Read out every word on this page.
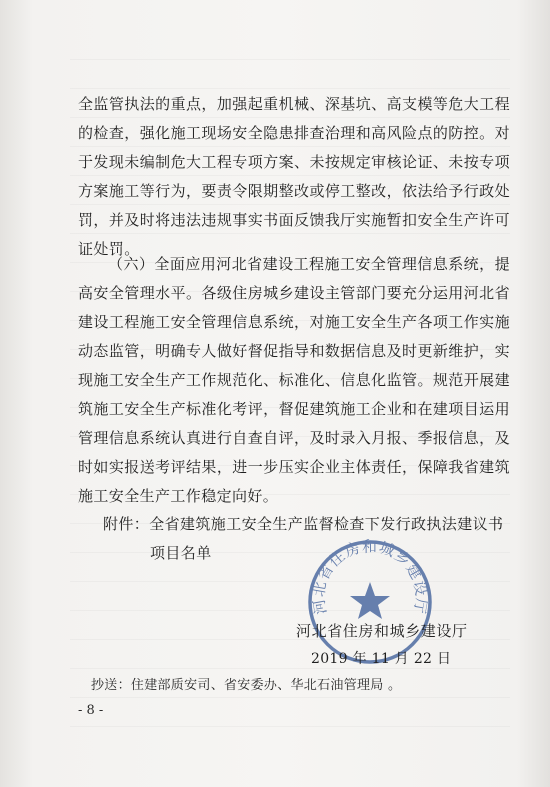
全监管执法的重点，加强起重机械、深基坑、高支模等危大工程
的检查，强化施工现场安全隐患排查治理和高风险点的防控。对
于发现未编制危大工程专项方案、未按规定审核论证、未按专项
方案施工等行为，要责令限期整改或停工整改，依法给予行政处
罚，并及时将违法违规事实书面反馈我厅实施暂扣安全生产许可
证处罚。
（六）全面应用河北省建设工程施工安全管理信息系统，提
高安全管理水平。各级住房城乡建设主管部门要充分运用河北省
建设工程施工安全管理信息系统，对施工安全生产各项工作实施
动态监管，明确专人做好督促指导和数据信息及时更新维护，实
现施工安全生产工作规范化、标准化、信息化监管。规范开展建
筑施工安全生产标准化考评，督促建筑施工企业和在建项目运用
管理信息系统认真进行自查自评，及时录入月报、季报信息，及
时如实报送考评结果，进一步压实企业主体责任，保障我省建筑
施工安全生产工作稳定向好。
附件：全省建筑施工安全生产监督检查下发行政执法建议书
项目名单
河北省住房和城乡建设厅
河北省住房和城乡建设厅
2019 年 11 月 22 日
抄送：住建部质安司、省安委办、华北石油管理局 。
- 8 -
